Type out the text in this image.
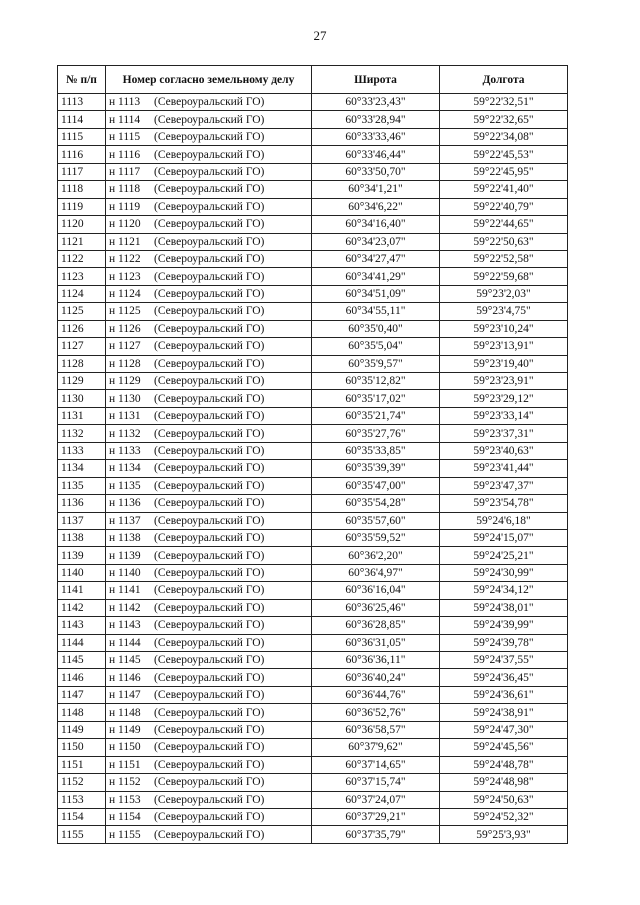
27
№ п/п	Номер согласно земельному делу	Широта	Долгота
1113	н 1113 (Североуральский ГО)	60°33'23,43"	59°22'32,51"
1114	н 1114 (Североуральский ГО)	60°33'28,94"	59°22'32,65"
1115	н 1115 (Североуральский ГО)	60°33'33,46"	59°22'34,08"
1116	н 1116 (Североуральский ГО)	60°33'46,44"	59°22'45,53"
1117	н 1117 (Североуральский ГО)	60°33'50,70"	59°22'45,95"
1118	н 1118 (Североуральский ГО)	60°34'1,21"	59°22'41,40"
1119	н 1119 (Североуральский ГО)	60°34'6,22"	59°22'40,79"
1120	н 1120 (Североуральский ГО)	60°34'16,40"	59°22'44,65"
1121	н 1121 (Североуральский ГО)	60°34'23,07"	59°22'50,63"
1122	н 1122 (Североуральский ГО)	60°34'27,47"	59°22'52,58"
1123	н 1123 (Североуральский ГО)	60°34'41,29"	59°22'59,68"
1124	н 1124 (Североуральский ГО)	60°34'51,09"	59°23'2,03"
1125	н 1125 (Североуральский ГО)	60°34'55,11"	59°23'4,75"
1126	н 1126 (Североуральский ГО)	60°35'0,40"	59°23'10,24"
1127	н 1127 (Североуральский ГО)	60°35'5,04"	59°23'13,91"
1128	н 1128 (Североуральский ГО)	60°35'9,57"	59°23'19,40"
1129	н 1129 (Североуральский ГО)	60°35'12,82"	59°23'23,91"
1130	н 1130 (Североуральский ГО)	60°35'17,02"	59°23'29,12"
1131	н 1131 (Североуральский ГО)	60°35'21,74"	59°23'33,14"
1132	н 1132 (Североуральский ГО)	60°35'27,76"	59°23'37,31"
1133	н 1133 (Североуральский ГО)	60°35'33,85"	59°23'40,63"
1134	н 1134 (Североуральский ГО)	60°35'39,39"	59°23'41,44"
1135	н 1135 (Североуральский ГО)	60°35'47,00"	59°23'47,37"
1136	н 1136 (Североуральский ГО)	60°35'54,28"	59°23'54,78"
1137	н 1137 (Североуральский ГО)	60°35'57,60"	59°24'6,18"
1138	н 1138 (Североуральский ГО)	60°35'59,52"	59°24'15,07"
1139	н 1139 (Североуральский ГО)	60°36'2,20"	59°24'25,21"
1140	н 1140 (Североуральский ГО)	60°36'4,97"	59°24'30,99"
1141	н 1141 (Североуральский ГО)	60°36'16,04"	59°24'34,12"
1142	н 1142 (Североуральский ГО)	60°36'25,46"	59°24'38,01"
1143	н 1143 (Североуральский ГО)	60°36'28,85"	59°24'39,99"
1144	н 1144 (Североуральский ГО)	60°36'31,05"	59°24'39,78"
1145	н 1145 (Североуральский ГО)	60°36'36,11"	59°24'37,55"
1146	н 1146 (Североуральский ГО)	60°36'40,24"	59°24'36,45"
1147	н 1147 (Североуральский ГО)	60°36'44,76"	59°24'36,61"
1148	н 1148 (Североуральский ГО)	60°36'52,76"	59°24'38,91"
1149	н 1149 (Североуральский ГО)	60°36'58,57"	59°24'47,30"
1150	н 1150 (Североуральский ГО)	60°37'9,62"	59°24'45,56"
1151	н 1151 (Североуральский ГО)	60°37'14,65"	59°24'48,78"
1152	н 1152 (Североуральский ГО)	60°37'15,74"	59°24'48,98"
1153	н 1153 (Североуральский ГО)	60°37'24,07"	59°24'50,63"
1154	н 1154 (Североуральский ГО)	60°37'29,21"	59°24'52,32"
1155	н 1155 (Североуральский ГО)	60°37'35,79"	59°25'3,93"
